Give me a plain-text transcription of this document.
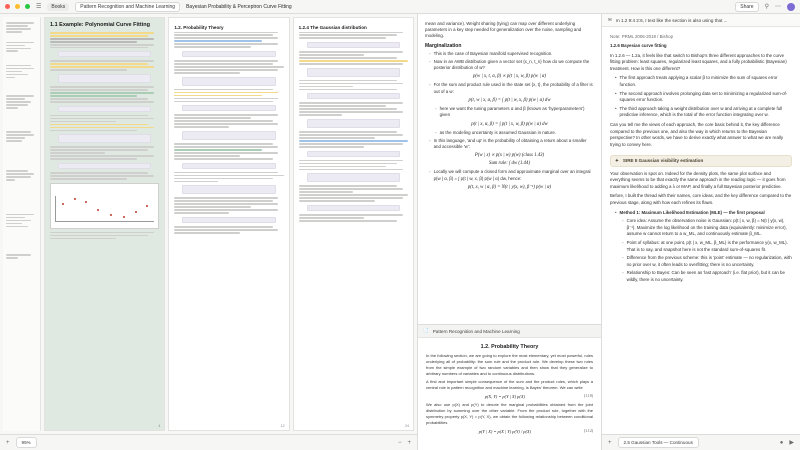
☰	Books	Pattern Recognition and Machine Learning	Bayesian Probability & Perceptron Curve Fitting	Share	⚲ ⋯
1.1 Example: Polynomial Curve Fitting
4
1.2. Probability Theory
12
1.2.4 The Gaussian distribution
24
+	95%	− +
mean and variance). Weight sharing (tying) can map over different underlying parameters in a key step needed for generalization over the noise, sampling and modeling.
Marginalization
◦ This is the case of Bayesian manifold supervised recognition.
◦ Now in an AWB distribution given a vector set {x_n, t_n} how do we compute the posterior distribution of w?
p(w | x, t, α, β) ∝ p(t | x, w, β) p(w | α)
◦ For the sum and product rule used in the state set {x, t}, the probability of a filter is out of a w:
p(t, w | x, α, β) = ∫ p(t | w, x, β) p(w | α) dw
◦ here we want the tuning parameters α and β (known as 'hyperparameters') given
p(t | x, α, β) = ∫ p(t | x, w, β) p(w | α) dw
◦ as the modeling uncertainty is assumed Gaussian in nature.
◦ In this language, 'and up' is the probability of obtaining a return about a smaller and accessible 'w':
P(w | x) ∝ p(x | w) p(w) (class 1.43)
Sum rule: ∫ dw (1.44)
◦ Locally we will compute a closed form and approximate marginal over an integral p(w | α, β) = ∫ p(t | w, x, β) p(w | α) dw, hence:
p(t, x, w | α, β) = N(t | y(x, w), β⁻¹) p(w | α)
📄 Pattern Recognition and Machine Learning
1.2. Probability Theory
In the following section, we are going to explore the most elementary, yet most powerful, rules underlying all of probability: the sum rule and the product rule. We develop these two rules from the simple example of two random variables and then show that they generalize to arbitrary numbers of variables and to continuous distributions.
A first and important simple consequence of the sum and the product rules, which plays a central role in pattern recognition and machine learning, is Bayes' theorem. We can write
(1.10)
p(X, Y) = p(Y | X) p(X)
We also use p(X) and p(Y) to denote the marginal probabilities obtained from the joint distribution by summing over the other variable. From the product rule, together with the symmetry property p(X, Y) = p(Y, X), we obtain the following relationship between conditional probabilities
(1.12)
p(Y | X) = p(X | Y) p(Y) / p(X)
✉ m 1.2 9:4 2:6, I text like the section is also using that ...
Note: PRML 2006-2019 / Bishop
1.2.6 Bayesian curve fitting
In 1.2.6 — 1.2a, it feels like that switch to Bishop's three different approaches to the curve fitting problem: least squares, regularized least squares, and a fully probabilistic (Bayesian) treatment. How is this one different?
• The first approach treats applying a scalar β to minimize the sum of squares error function.
• The second approach involves prolonging data set to minimizing a regularized sum-of-squares error function.
• The third approach taking a weight distribution over w and arriving at a complete full predictive inference, which is the total of the error function integrating over w.
Can you tell me the views of each approach, the core basic behind it, the key difference compared to the previous one, and also the way in which returns to the Bayesian perspective? In other words, we have to derive exactly what answer to what we are really trying to convey here.
✦ SIRE II Gaussian visibility estimation
Your observation is spot on. Indeed for the density plots, the same plot surface and everything seems to be that exactly the same approach in the reading logic — it goes from maximum likelihood to adding a λ or MAP, and finally a full Bayesian posterior predictive.
Before, I built the thread with their names, core ideas, and the key difference compared to the previous stage, along with how each refines its flaws.
• Method 1: Maximum Likelihood Estimation (MLE) — the first proposal
◦ Core idea: Assume the observation noise is Gaussian: p(t | x, w, β) = N(t | y(x, w), β⁻¹). Maximize the log likelihood on the training data (equivalently: minimize error), assume w cannot return to a w_ML, and continuously estimate β_ML.
◦ Point of syllabus: at one point, p(t | x, w_ML, β_ML) is the performance y(x, w_ML). That is to say, and snapshot here is not the standard sum-of-squares fit.
◦ Difference from the previous scheme: this is 'point' estimate — no regularization, with no prior over w, it often leads to overfitting; there is no uncertainty.
◦ Relationship to Bayes: Can be seen as 'last approach' (i.e. flat prior), but it can be wildly, there is no uncertainty.
+	2.5 Gaussian Tools — Continuous	● ▶
